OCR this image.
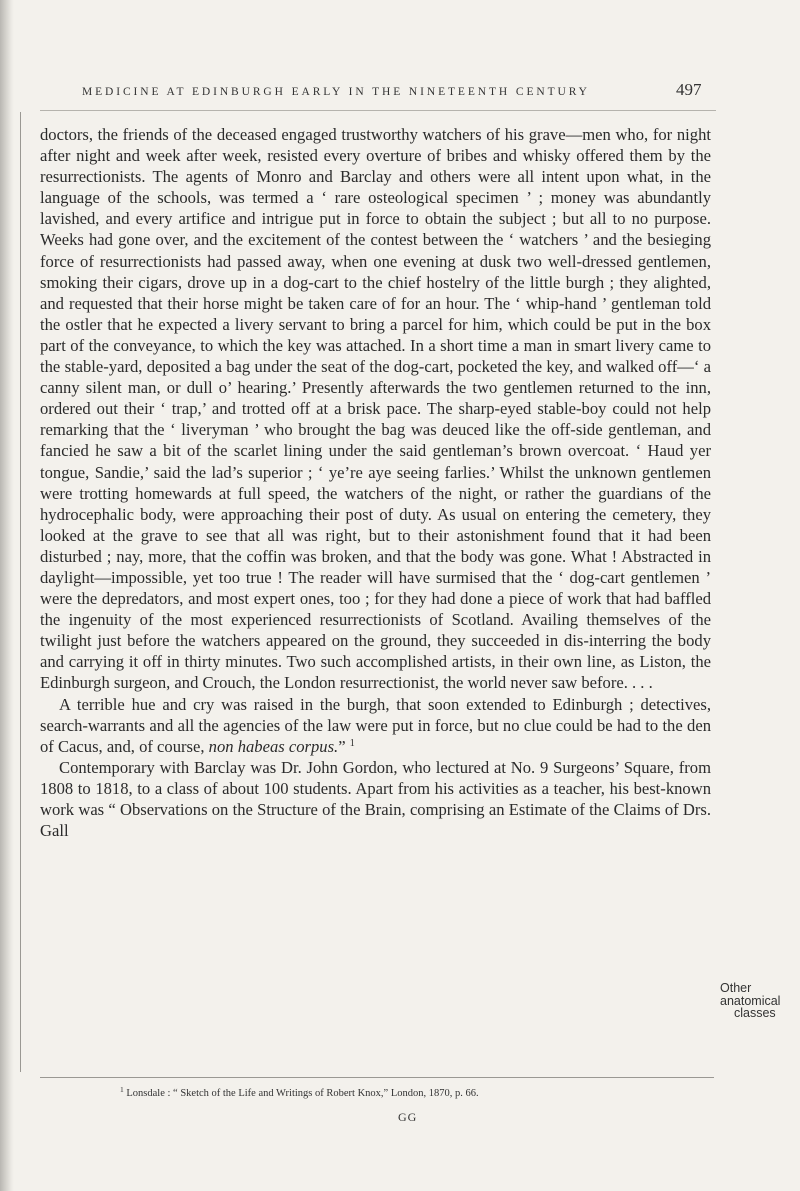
MEDICINE AT EDINBURGH EARLY IN THE NINETEENTH CENTURY	497

doctors, the friends of the deceased engaged trustworthy watchers of his grave—men who, for night after night and week after week, resisted every overture of bribes and whisky offered them by the resurrectionists. The agents of Monro and Barclay and others were all intent upon what, in the language of the schools, was termed a ‘ rare osteological specimen ’ ; money was abundantly lavished, and every artifice and intrigue put in force to obtain the subject ; but all to no purpose. Weeks had gone over, and the excitement of the contest between the ‘ watchers ’ and the besieging force of resurrectionists had passed away, when one evening at dusk two well-dressed gentlemen, smoking their cigars, drove up in a dog-cart to the chief hostelry of the little burgh ; they alighted, and requested that their horse might be taken care of for an hour. The ‘ whip-hand ’ gentleman told the ostler that he expected a livery servant to bring a parcel for him, which could be put in the box part of the conveyance, to which the key was attached. In a short time a man in smart livery came to the stable-yard, deposited a bag under the seat of the dog-cart, pocketed the key, and walked off—‘ a canny silent man, or dull o’ hearing.’ Presently afterwards the two gentlemen returned to the inn, ordered out their ‘ trap,’ and trotted off at a brisk pace. The sharp-eyed stable-boy could not help remarking that the ‘ liveryman ’ who brought the bag was deuced like the off-side gentleman, and fancied he saw a bit of the scarlet lining under the said gentleman’s brown overcoat. ‘ Haud yer tongue, Sandie,’ said the lad’s superior ; ‘ ye’re aye seeing farlies.’ Whilst the unknown gentlemen were trotting homewards at full speed, the watchers of the night, or rather the guardians of the hydrocephalic body, were approaching their post of duty. As usual on entering the cemetery, they looked at the grave to see that all was right, but to their astonishment found that it had been disturbed ; nay, more, that the coffin was broken, and that the body was gone. What ! Abstracted in daylight—impossible, yet too true ! The reader will have surmised that the ‘ dog-cart gentlemen ’ were the depredators, and most expert ones, too ; for they had done a piece of work that had baffled the ingenuity of the most experienced resurrectionists of Scotland. Availing themselves of the twilight just before the watchers appeared on the ground, they succeeded in dis-interring the body and carrying it off in thirty minutes. Two such accomplished artists, in their own line, as Liston, the Edinburgh surgeon, and Crouch, the London resurrectionist, the world never saw before. . . .

A terrible hue and cry was raised in the burgh, that soon extended to Edinburgh ; detectives, search-warrants and all the agencies of the law were put in force, but no clue could be had to the den of Cacus, and, of course, non habeas corpus.” $^1$

Contemporary with Barclay was Dr. John Gordon, who lectured at No. 9 Surgeons’ Square, from 1808 to 1818, to a class of about 100 students. Apart from his activities as a teacher, his best-known work was “ Observations on the Structure of the Brain, comprising an Estimate of the Claims of Drs. Gall

Other
anatomical
classes
$^1$ Lonsdale : “ Sketch of the Life and Writings of Robert Knox,” London, 1870, p. 66.
GG
